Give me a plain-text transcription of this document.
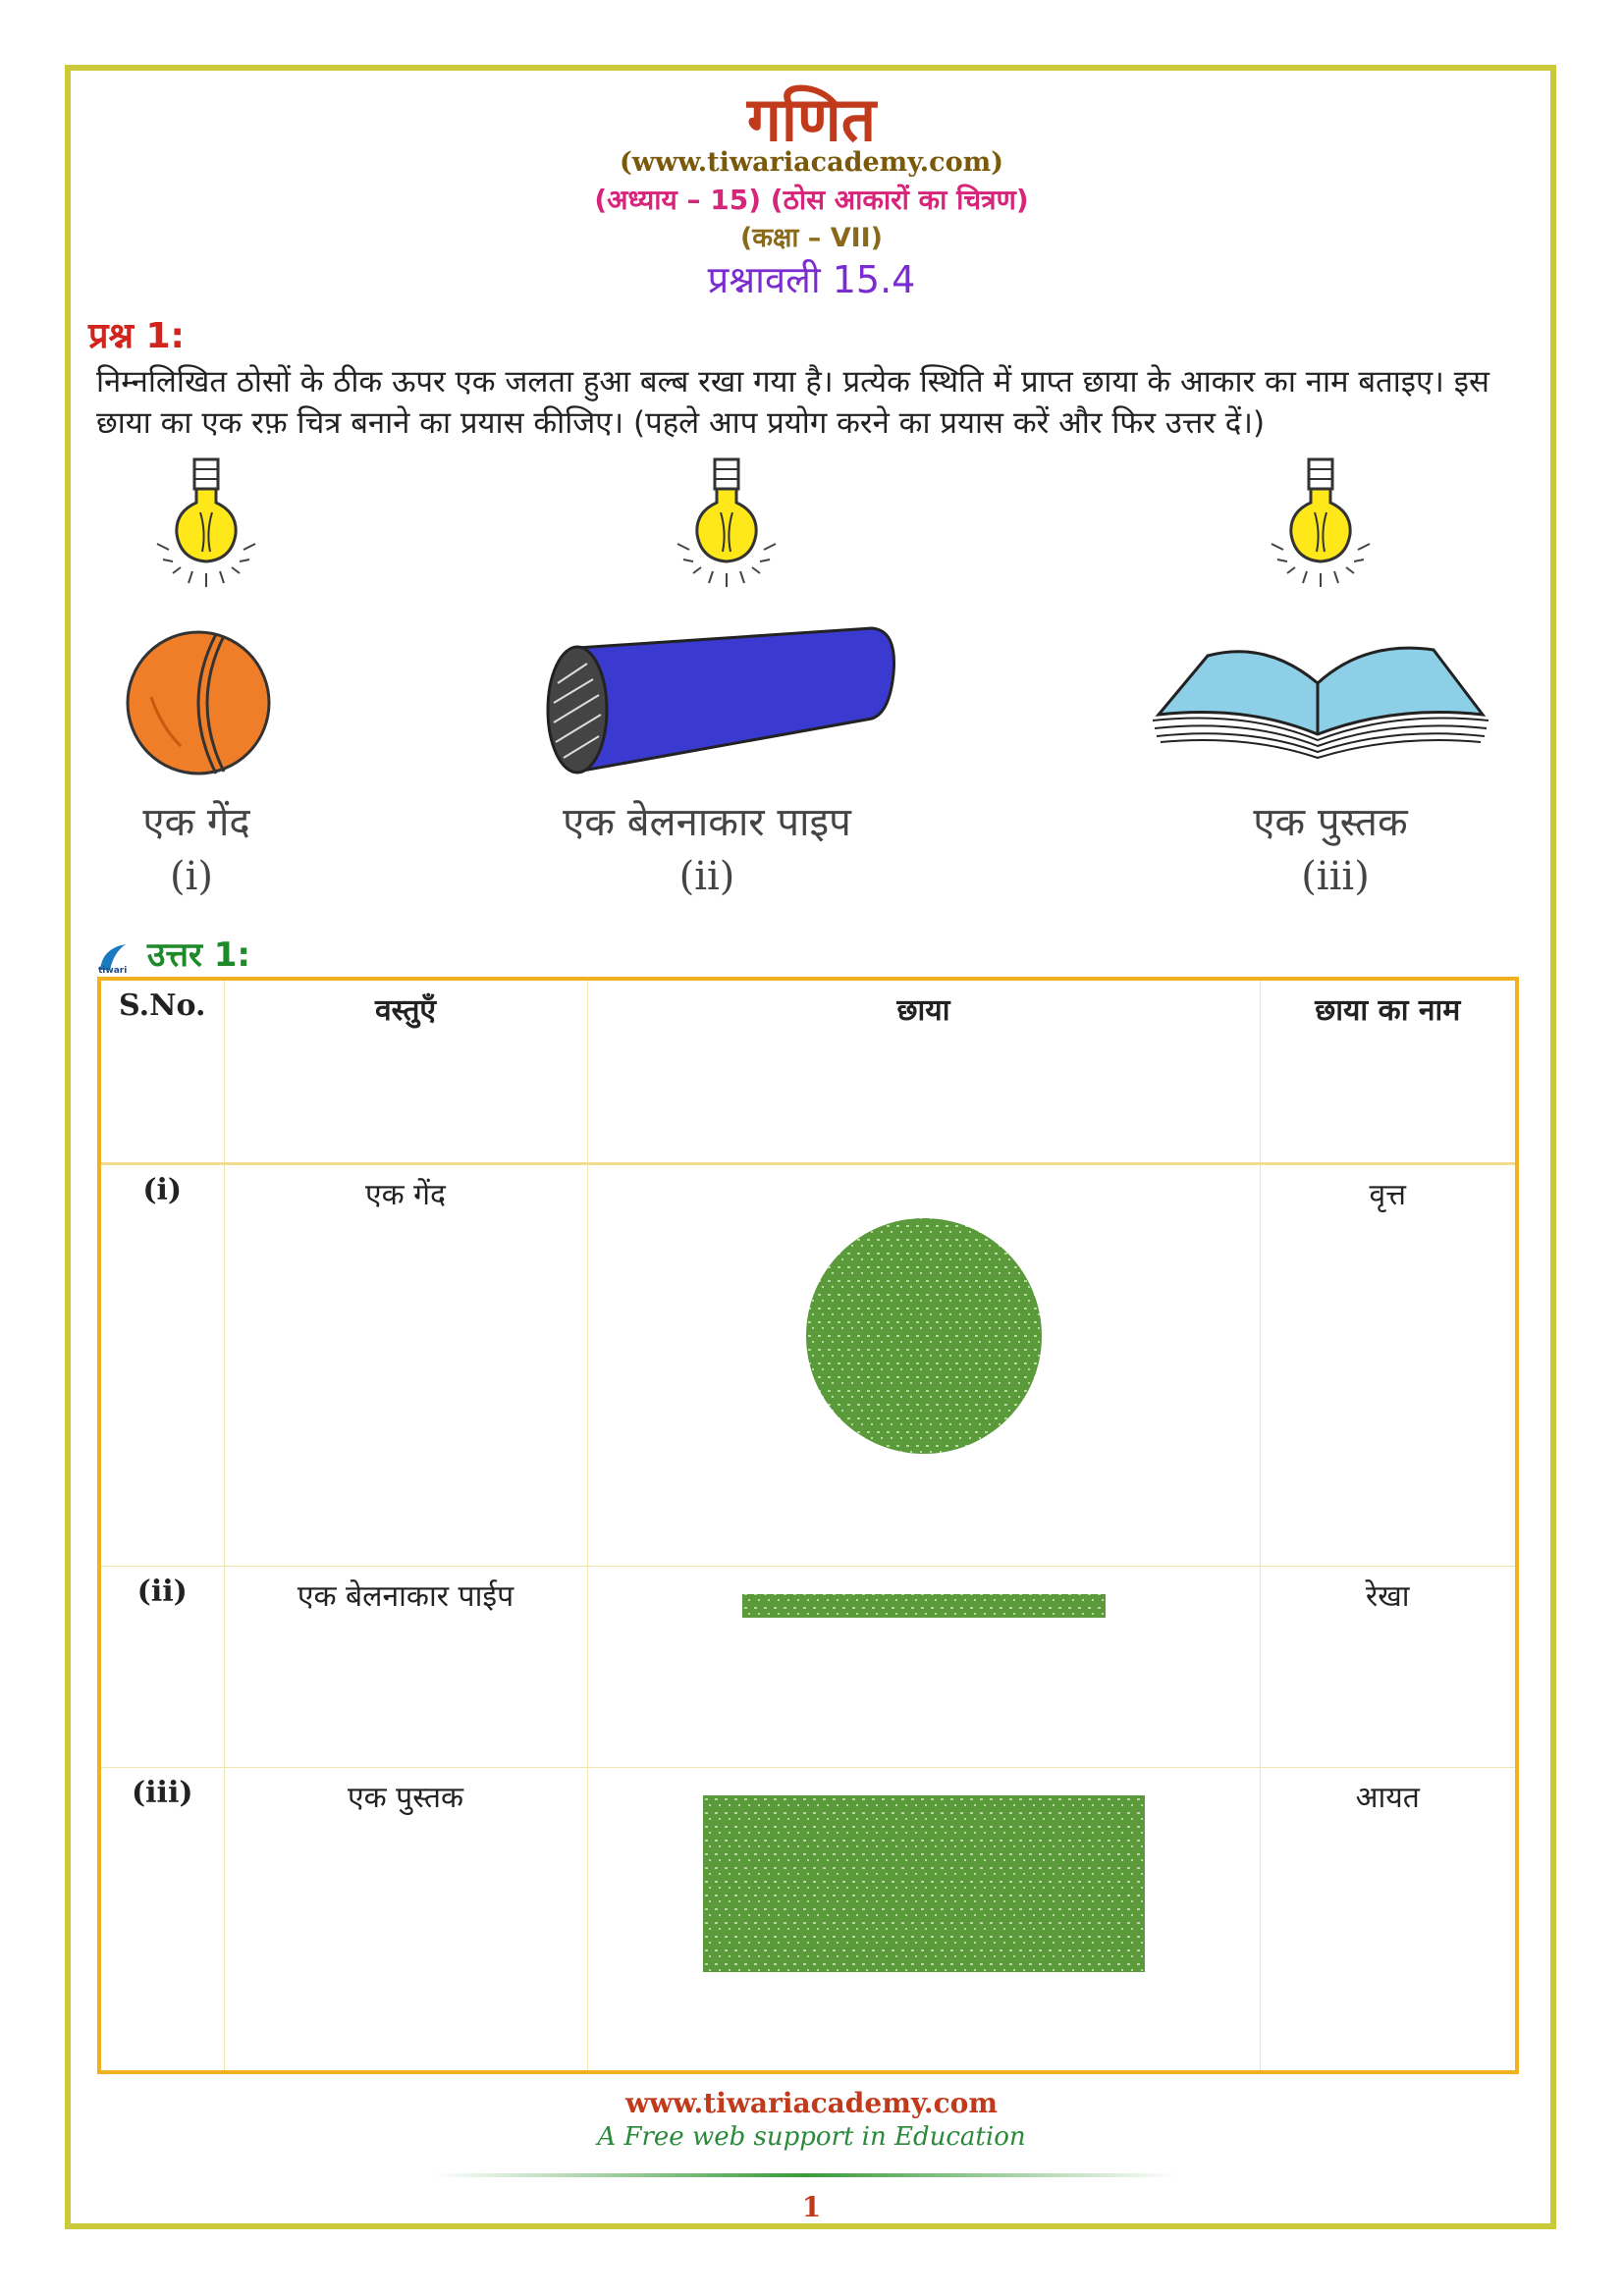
गणित
(www.tiwariacademy.com)
(अध्याय – 15) (ठोस आकारों का चित्रण)
(कक्षा – VII)
प्रश्नावली 15.4
प्रश्न 1:
निम्नलिखित ठोसों के ठीक ऊपर एक जलता हुआ बल्ब रखा गया है। प्रत्येक स्थिति में प्राप्त छाया के आकार का नाम बताइए। इस छाया का एक रफ़ चित्र बनाने का प्रयास कीजिए। (पहले आप प्रयोग करने का प्रयास करें और फिर उत्तर दें।)
एक गेंद
(i)
एक बेलनाकार पाइप
(ii)
एक पुस्तक
(iii)
tiwari उत्तर 1:
S.No.	वस्तुएँ	छाया	छाया का नाम
(i)	एक गेंद		वृत्त
(ii)	एक बेलनाकार पाईप		रेखा
(iii)	एक पुस्तक		आयत
www.tiwariacademy.com
A Free web support in Education
1
